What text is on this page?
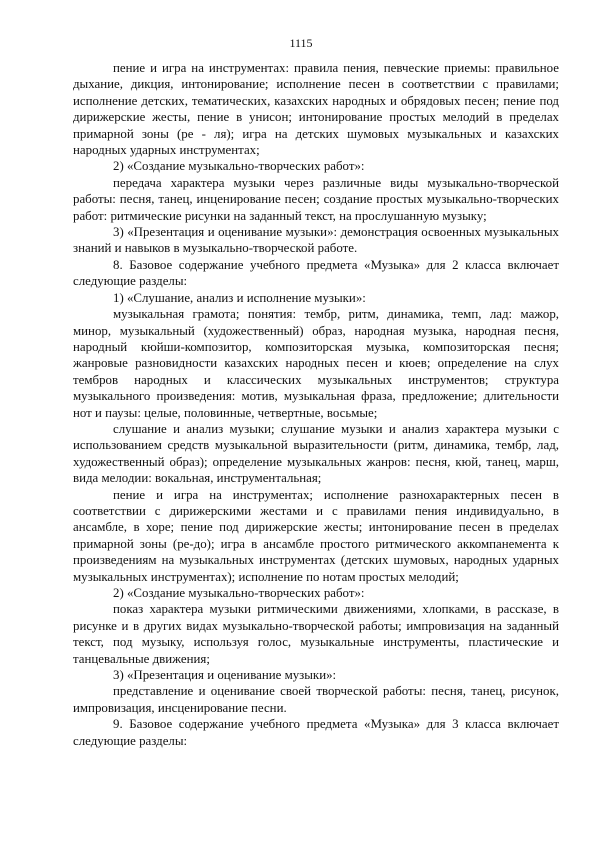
1115

пение и игра на инструментах: правила пения, певческие приемы: правильное дыхание, дикция, интонирование; исполнение песен в соответствии с правилами; исполнение детских, тематических, казахских народных и обрядовых песен; пение под дирижерские жесты, пение в унисон; интонирование простых мелодий в пределах примарной зоны (ре - ля); игра на детских шумовых музыкальных и казахских народных ударных инструментах;

2) «Создание музыкально-творческих работ»:

передача характера музыки через различные виды музыкально-творческой работы: песня, танец, инценирование песен; создание простых музыкально-творческих работ: ритмические рисунки на заданный текст, на прослушанную музыку;

3) «Презентация и оценивание музыки»: демонстрация освоенных музыкальных знаний и навыков в музыкально-творческой работе.

8. Базовое содержание учебного предмета «Музыка» для 2 класса включает следующие разделы:

1) «Слушание, анализ и исполнение музыки»:

музыкальная грамота; понятия: тембр, ритм, динамика, темп, лад: мажор, минор, музыкальный (художественный) образ, народная музыка, народная песня, народный кюйши-композитор, композиторская музыка, композиторская песня; жанровые разновидности казахских народных песен и кюев; определение на слух тембров народных и классических музыкальных инструментов; структура музыкального произведения: мотив, музыкальная фраза, предложение; длительности нот и паузы: целые, половинные, четвертные, восьмые;

слушание и анализ музыки; слушание музыки и анализ характера музыки с использованием средств музыкальной выразительности (ритм, динамика, тембр, лад, художественный образ); определение музыкальных жанров: песня, кюй, танец, марш, вида мелодии: вокальная, инструментальная;

пение и игра на инструментах; исполнение разнохарактерных песен в соответствии с дирижерскими жестами и с правилами пения индивидуально, в ансамбле, в хоре; пение под дирижерские жесты; интонирование песен в пределах примарной зоны (ре-до); игра в ансамбле простого ритмического аккомпанемента к произведениям на музыкальных инструментах (детских шумовых, народных ударных музыкальных инструментах); исполнение по нотам простых мелодий;

2) «Создание музыкально-творческих работ»:

показ характера музыки ритмическими движениями, хлопками, в рассказе, в рисунке и в других видах музыкально-творческой работы; импровизация на заданный текст, под музыку, используя голос, музыкальные инструменты, пластические и танцевальные движения;

3) «Презентация и оценивание музыки»:

представление и оценивание своей творческой работы: песня, танец, рисунок, импровизация, инсценирование песни.

9. Базовое содержание учебного предмета «Музыка» для 3 класса включает следующие разделы:
